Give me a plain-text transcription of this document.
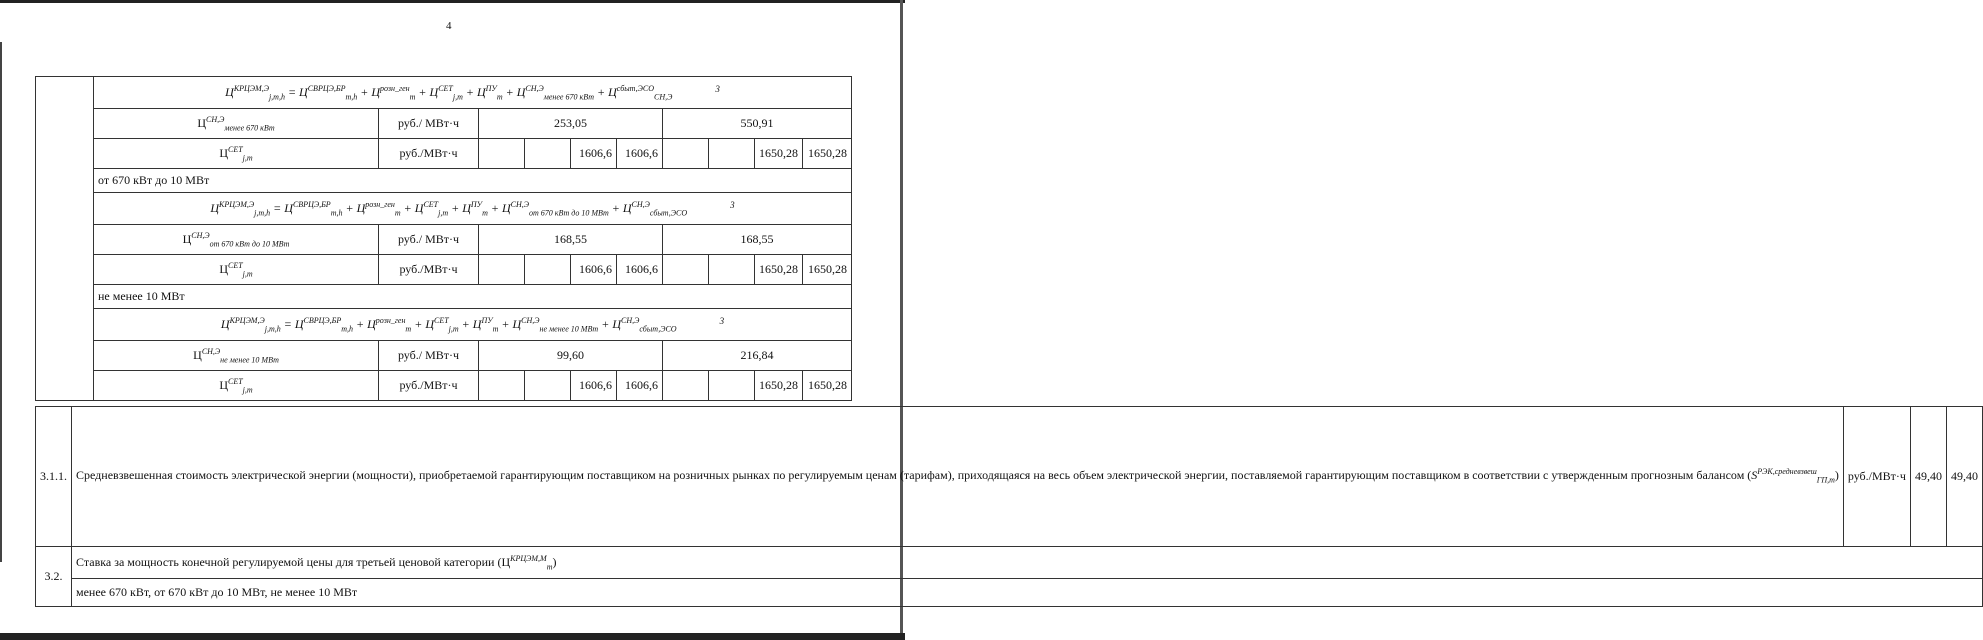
4
	$Ц^{КРЦЭМ,Э}_{j,m,h} = Ц^{СВРЦЭ,БР}_{m,h} + Ц^{розн\_ген}_m + Ц^{СЕТ}_{j,m} + Ц^{ПУ}_m + Ц^{СН,Э}_{менее 670 кВт} + Ц^{сбыт,ЭСО}_{СН,Э}$ $^3$
	$Ц^{СН,Э}_{менее 670 кВт}$	руб./ МВт·ч	253,05				550,91			
	$Ц^{СЕТ}_{j,m}$	руб./МВт·ч			1606,6	1606,6			1650,28	1650,28
	от 670 кВт до 10 МВт									
	$Ц^{КРЦЭМ,Э}_{j,m,h} = Ц^{СВРЦЭ,БР}_{m,h} + Ц^{розн\_ген}_m + Ц^{СЕТ}_{j,m} + Ц^{ПУ}_m + Ц^{СН,Э}_{от 670 кВт до 10 МВт} + Ц^{СН,Э}_{сбыт,ЭСО}$ $^3$
	$Ц^{СН,Э}_{от 670 кВт до 10 МВт}$	руб./ МВт·ч	168,55				168,55			
	$Ц^{СЕТ}_{j,m}$	руб./МВт·ч			1606,6	1606,6			1650,28	1650,28
	не менее 10 МВт									
	$Ц^{КРЦЭМ,Э}_{j,m,h} = Ц^{СВРЦЭ,БР}_{m,h} + Ц^{розн\_ген}_m + Ц^{СЕТ}_{j,m} + Ц^{ПУ}_m + Ц^{СН,Э}_{не менее 10 МВт} + Ц^{СН,Э}_{сбыт,ЭСО}$ $^3$
	$Ц^{СН,Э}_{не менее 10 МВт}$	руб./ МВт·ч	99,60				216,84			
	$Ц^{СЕТ}_{j,m}$	руб./МВт·ч			1606,6	1606,6			1650,28	1650,28
3.1.1.	Средневзвешенная стоимость электрической энергии (мощности), приобретаемой гарантирующим поставщиком на розничных рынках по регулируемым ценам (тарифам), приходящаяся на весь объем электрической энергии, поставляемой гарантирующим поставщиком в соответствии с утвержденным прогнозным балансом $(S^{РЭК,средневзвеш}_{ГП,m})$	руб./МВт·ч	49,40	49,40
3.2.	Ставка за мощность конечной регулируемой цены для третьей ценовой категории $(Ц^{КРЦЭМ,М}_m)$			
	менее 670 кВт, от 670 кВт до 10 МВт, не менее 10 МВт			
